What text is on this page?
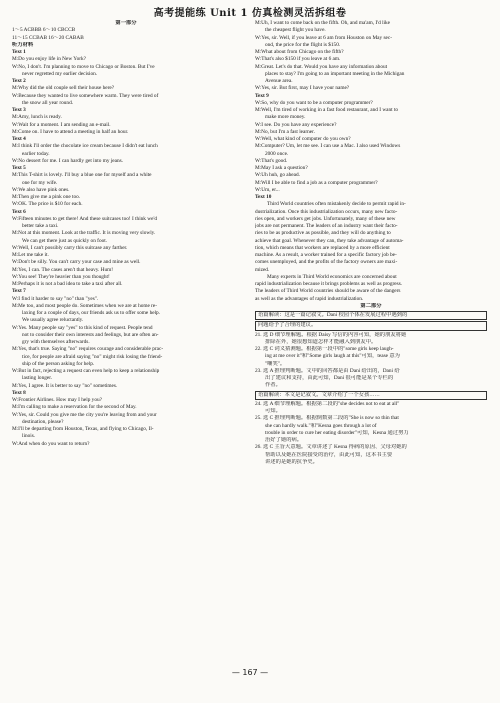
高考提能练 Unit 1 仿真检测灵活拆组卷
第一部分
1～5 ACBBB 6～10 CBCCB
11～15 CCBAB 16～20 CABAB
听力材料
Text 1
M:Do you enjoy life in New York?
W:No, I don't. I'm planning to move to Chicago or Boston. But I've
never regretted my earlier decision.
Text 2
M:Why did the old couple sell their house here?
W:Because they wanted to live somewhere warm. They were tired of
the snow all year round.
Text 3
M:Amy, lunch is ready.
W:Wait for a moment. I am sending an e-mail.
M:Come on. I have to attend a meeting in half an hour.
Text 4
M:I think I'll order the chocolate ice cream because I didn't eat lunch
earlier today.
W:No dessert for me. I can hardly get into my jeans.
Text 5
M:This T-shirt is lovely. I'll buy a blue one for myself and a white
one for my wife.
W:We also have pink ones.
M:Then give me a pink one too.
W:OK. The price is $10 for each.
Text 6
W:Fifteen minutes to get there! And these suitcases too! I think we'd
better take a taxi.
M:Not at this moment. Look at the traffic. It is moving very slowly.
We can get there just as quickly on foot.
W:Well, I can't possibly carry this suitcase any farther.
M:Let me take it.
W:Don't be silly. You can't carry your case and mine as well.
M:Yes, I can. The cases aren't that heavy. Hum!
W:You see! They're heavier than you thought!
M:Perhaps it is not a bad idea to take a taxi after all.
Text 7
W:I find it harder to say "no" than "yes".
M:Me too, and most people do. Sometimes when we are at home re-
laxing for a couple of days, our friends ask us to offer some help.
We usually agree reluctantly.
W:Yes. Many people say "yes" to this kind of request. People tend
not to consider their own interests and feelings, but are often an-
gry with themselves afterwards.
M:Yes, that's true. Saying "no" requires courage and considerable prac-
tice, for people are afraid saying "no" might risk losing the friend-
ship of the person asking for help.
W:But in fact, rejecting a request can even help to keep a relationship
lasting longer.
M:Yes, I agree. It is better to say "no" sometimes.
Text 8
W:Frontier Airlines. How may I help you?
M:I'm calling to make a reservation for the second of May.
W:Yes, sir. Could you give me the city you're leaving from and your
destination, please?
M:I'll be departing from Houston, Texas, and flying to Chicago, Il-
linois.
W:And when do you want to return?
M:Uh, I want to come back on the fifth. Oh, and ma'am, I'd like
the cheapest flight you have.
W:Yes, sir. Well, if you leave at 6 am from Houston on May sec-
ond, the price for the flight is $150.
M:What about from Chicago on the fifth?
W:That's also $150 if you leave at 6 am.
M:Great. Let's do that. Would you have any information about
places to stay? I'm going to an important meeting in the Michigan
Avenue area.
W:Yes, sir. But first, may I have your name?
Text 9
W:So, why do you want to be a computer programmer?
M:Well, I'm tired of working in a fast food restaurant, and I want to
make more money.
W:I see. Do you have any experience?
M:No, but I'm a fast learner.
W:Well, what kind of computer do you own?
M:Computer? Um, let me see. I can use a Mac. I also used Windows
2000 once.
W:That's good.
M:May I ask a question?
W:Uh huh, go ahead.
M:Will I be able to find a job as a computer programmer?
W:Um, er...
Text 10
Third World countries often mistakenly decide to permit rapid in-
dustrialization. Once this industrialization occurs, many new facto-
ries open, and workers get jobs. Unfortunately, many of these new
jobs are not permanent. The leaders of an industry want their facto-
ries to be as productive as possible, and they will do anything to
achieve that goal. Whenever they can, they take advantage of automa-
tion, which means that workers are replaced by a more efficient
machine. As a result, a worker trained for a specific factory job be-
comes unemployed, and the profits of the factory owners are maxi-
mized.
Many experts in Third World economics are concerned about
rapid industrialization because it brings problems as well as progress.
The leaders of Third World countries should be aware of the dangers
as well as the advantages of rapid industrialization.
第二部分
语篇解读：这是一篇记叙文。Dani 校园个体在发展过程中遇到的
问题给予了合理的建议。
21. 选 D 细节理解题。根据 Daisy 写信的内容可知，她的朋友将她
排除在外，她很想知道怎样才能融入到朋友中。
22. 选 C 词义猜测题。根据第一段中的"some girls keep laugh-
ing at me over it"和"Some girls laugh at this"可知，tease 意为
"嘲笑"。
23. 选 A 推理判断题。文中的回答都是由 Dani 给出的，Dani 给
出了建议和支持，由此可知，Dani 很可能是某个专栏的
作者。
语篇解读：本文是记叙文。文章介绍了一个女孩……
24. 选 A 细节理解题。根据第二段的"she decides not to eat at all"
可知。
25. 选 C 推理判断题。根据倒数第二段的"She is now so thin that
she can hardly walk."和"Kesna goes through a lot of
trouble in order to cure her eating disorder"可知，Kesna 通过努力
治好了她的病。
26. 选 C 主旨大意题。文章讲述了 Kesna 得病的原因、父母对她的
帮助以及她在医院接受的治疗，由此可知，这本书主要
讲述的是她的抗争史。
— 167 —
